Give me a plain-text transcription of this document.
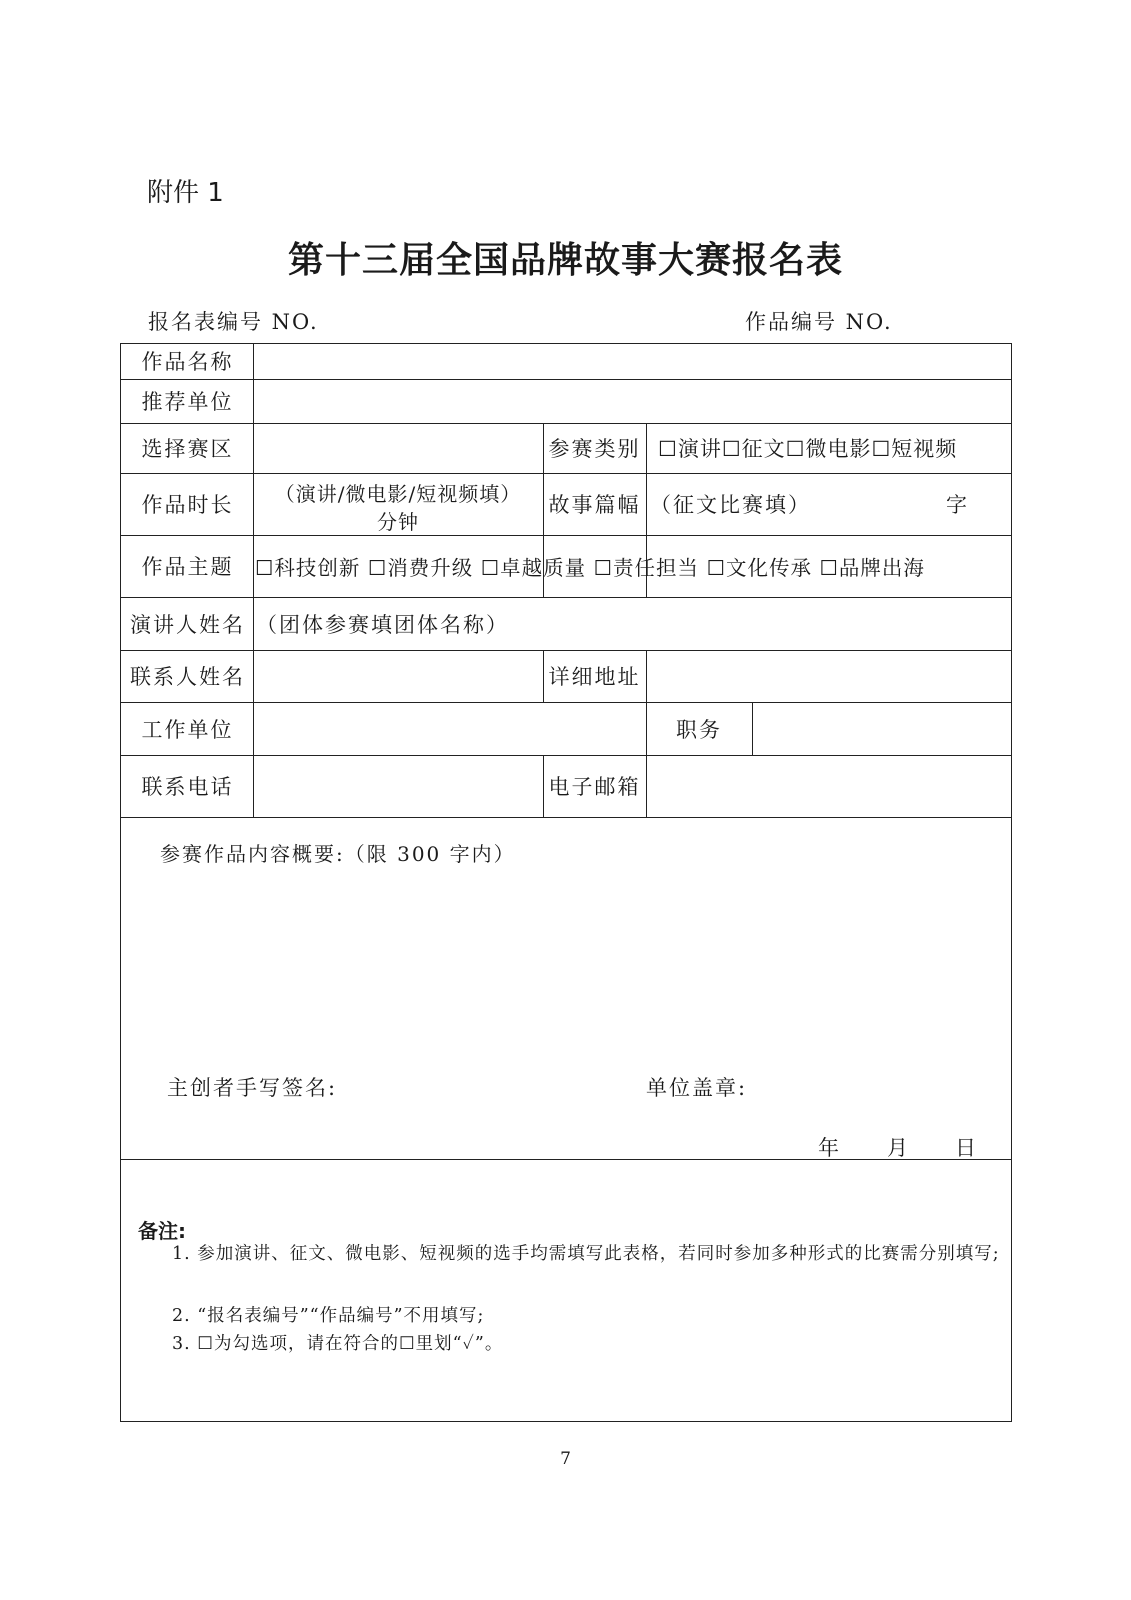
附件 1
第十三届全国品牌故事大赛报名表
报名表编号 NO.	作品编号 NO.
作品名称
推荐单位
选择赛区	参赛类别 ☐演讲☐征文☐微电影☐短视频
作品时长	（演讲/微电影/短视频填）
分钟
故事篇幅 （征文比赛填）	字
作品主题	☐科技创新 ☐消费升级 ☐卓越质量 ☐责任担当 ☐文化传承 ☐品牌出海
演讲人姓名 （团体参赛填团体名称）
联系人姓名	详细地址
工作单位	职务
联系电话	电子邮箱
参赛作品内容概要:（限 300 字内）
主创者手写签名:	单位盖章:
年 月 日
备注:
1. 参加演讲、征文、微电影、短视频的选手均需填写此表格，若同时参加多种形式的比赛需分别填写;
2. “报名表编号”“作品编号”不用填写;
3. ☐为勾选项，请在符合的☐里划“✓”。
7
